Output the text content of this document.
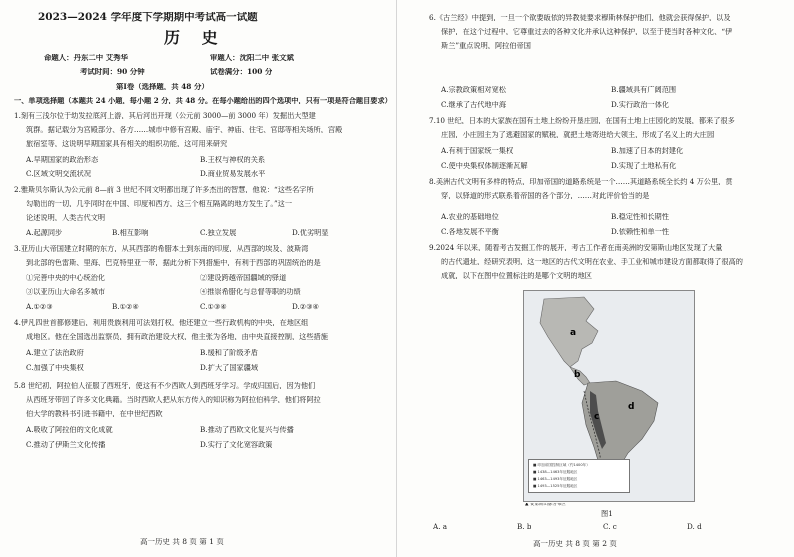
2023—2024 学年度下学期期中考试高一试题
历 史
命题人：丹东二中 艾秀华	审题人：沈阳二中 张文斌
考试时间：90 分钟	试卷满分：100 分
第Ⅰ卷（选择题，共 48 分）
一、单项选择题（本题共 24 小题，每小题 2 分，共 48 分。在每小题给出的四个选项中，只有一项是符合题目要求）
1.刻有三浅尔位于幼发拉底河上游，其后河出开现（公元前 3000—前 3000 年）发掘出大型建
筑群。据记载分为宫殿部分、各方……城市中修有宫殿、庙宇、神庙、住宅、官邸等相关场所，宫殿
旅宿室等，这说明早期国家具有相关的组织功能，这可用来研究
A.早期国家的政治形态	B.王权与神权的关系
C.区域文明交流状况	D.商业贸易发展水平
2.雅斯贝尔斯认为公元前 8—前 3 世纪不同文明都出现了许多杰出的智慧，他说：“这些名字所
勾勒出的一切，几乎同时在中国、印度和西方，这三个相互隔离的地方发生了。”这一
论述说明，人类古代文明
A.起源同步	B.相互影响	C.独立发展	D.优劣明显
3.亚历山大帝国建立时期的东方，从其西部的希腊本土到东南的印度，从西部的埃及、波斯湾
到北部的色雷斯、里海、巴克特里亚一带，据此分析下列措施中，有利于西部的巩固统治的是
①完善中央的中心统治化	②建设跨越帝国疆域的驿道
③以亚历山大命名多城市	④推崇希腊化与总督等职的功绩
A.①②③	B.①②④	C.①③④	D.②③④
4.伊凡四世首都修建后，利用贵族利用可法划打权，他还建立一些行政机构的中央，在地区组
成地区。他在全国选出监察员，拥有政治建设大权，他主张为各地，由中央直接控制，这些措施
A.建立了法治政府	B.缓和了阶级矛盾
C.加强了中央集权	D.扩大了国家疆域
5.8 世纪初，阿拉伯人征服了西班牙，使这有不少西欧人到西班牙学习。学成归国后，因为他们
从西班牙带回了许多文化典籍。当时西欧人把从东方传入的知识称为阿拉伯科学，他们将阿拉
伯大学的教科书引进书籍中，在中世纪西欧
A.吸收了阿拉伯的文化成就	B.推动了西欧文化复兴与传播
C.推动了伊斯兰文化传播	D.实行了文化宽容政策
高一历史 共 8 页 第 1 页
6.《古兰经》中提到，一旦一个欲要皈依的异教徒要求穆斯林保护他们，他就会获得保护，以及
保护，在这个过程中，它尊重过去的各种文化并承认这种保护，以至于使当时各种文化、“伊
斯兰”重点说明，阿拉伯帝国
A.宗教政策相对宽松	B.疆域具有广阔范围
C.继承了古代地中海	D.实行政治一体化
7.10 世纪，日本的大家族在国有土地上纷纷开垦庄园，在国有土地上庄园化的发展，都来了很多
庄园，小庄园主为了逃避国家的赋税，就把土地寄进给大领主，形成了名义上的大庄园
A.有利于国家统一集权	B.加速了日本的封建化
C.使中央集权体制逐渐瓦解	D.实现了土地私有化
8.美洲古代文明有多样的特点，印加帝国的道路系统是一个……其道路系统全长约 4 万公里，贯
穿，以驿道的形式联系着帝国的各个部分，……对此评价恰当的是
A.农业的基础地位	B.稳定性和长期性
C.各地发展不平衡	D.依赖性和单一性
9.2024 年以来，随着考古发掘工作的展开，考古工作者在南美洲的安第斯山地区发现了大量
的古代遗址，经研究表明，这一地区的古代文明在农业、手工业和城市建设方面都取得了很高的
成就，以下在图中位置标注的是哪个文明的地区
a
b
c
d
■ 印加帝国控制区域（约1400年）
■ 1438—1463年征服地区
■ 1463—1493年征服地区
■ 1493—1525年征服地区
▲ 安第斯山脉分布区
图1
A. a	B. b	C. c	D. d
高一历史 共 8 页 第 2 页
